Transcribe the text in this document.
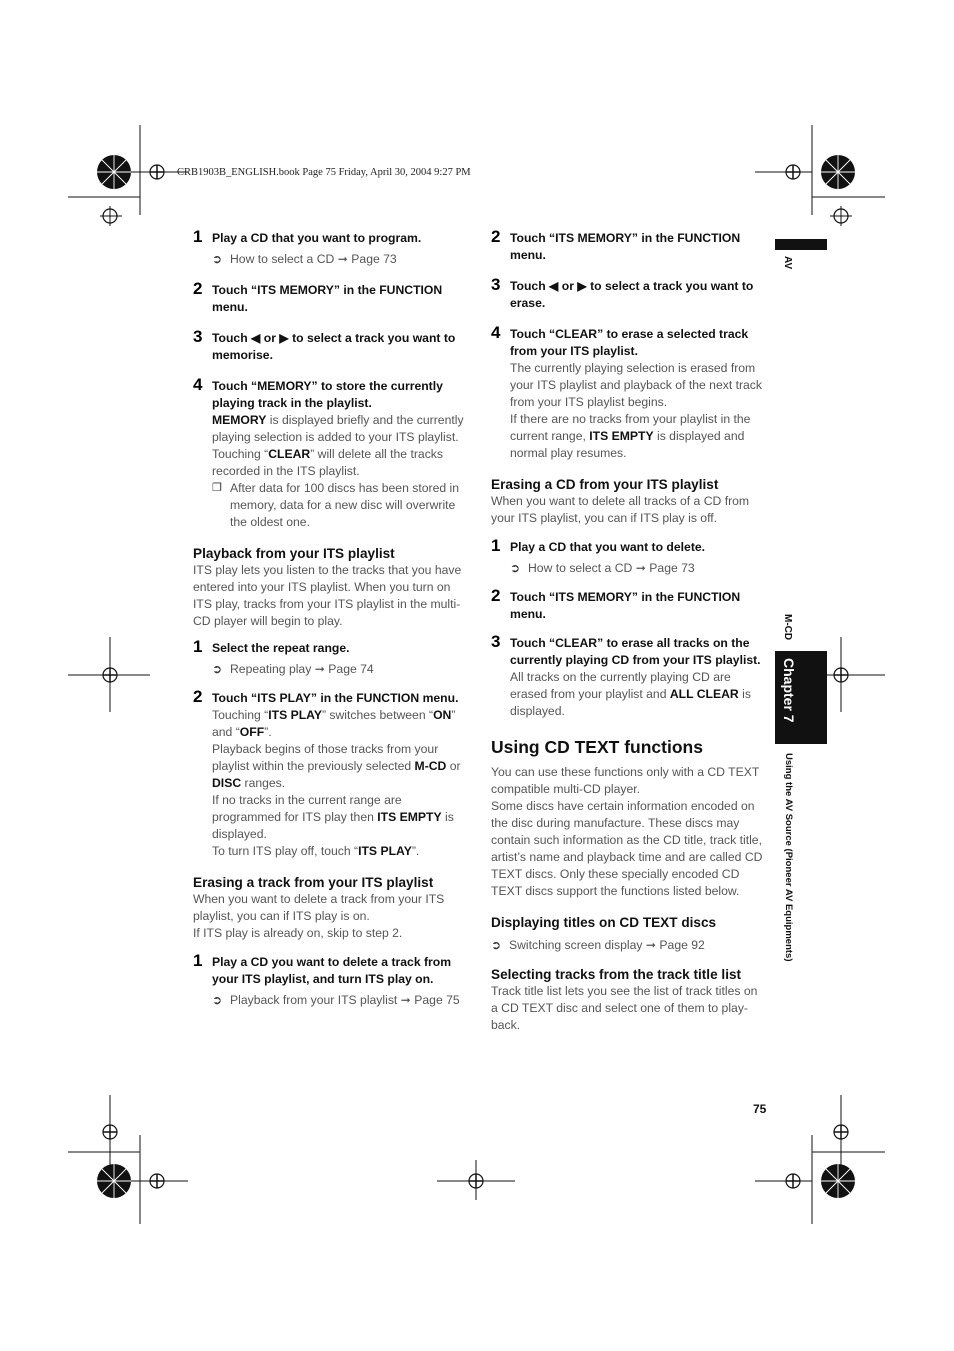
CRB1903B_ENGLISH.book Page 75 Friday, April 30, 2004 9:27 PM
AV
M-CD
Chapter 7
Using the AV Source (Pioneer AV Equipments)
1 Play a CD that you want to program.
➲ How to select a CD ➞ Page 73
2 Touch “ITS MEMORY” in the FUNCTION menu.
3 Touch ◀ or ▶ to select a track you want to memorise.
4 Touch “MEMORY” to store the currently playing track in the playlist.
MEMORY is displayed briefly and the currently playing selection is added to your ITS playlist.
Touching “CLEAR” will delete all the tracks recorded in the ITS playlist.
❐ After data for 100 discs has been stored in memory, data for a new disc will overwrite the oldest one.
Playback from your ITS playlist
ITS play lets you listen to the tracks that you have entered into your ITS playlist. When you turn on ITS play, tracks from your ITS playlist in the multi-CD player will begin to play.
1 Select the repeat range.
➲ Repeating play ➞ Page 74
2 Touch “ITS PLAY” in the FUNCTION menu.
Touching “ITS PLAY” switches between “ON” and “OFF”.
Playback begins of those tracks from your playlist within the previously selected M-CD or DISC ranges.
If no tracks in the current range are programmed for ITS play then ITS EMPTY is displayed.
To turn ITS play off, touch “ITS PLAY”.
Erasing a track from your ITS playlist
When you want to delete a track from your ITS playlist, you can if ITS play is on.
If ITS play is already on, skip to step 2.
1 Play a CD you want to delete a track from your ITS playlist, and turn ITS play on.
➲ Playback from your ITS playlist ➞ Page 75
2 Touch “ITS MEMORY” in the FUNCTION menu.
3 Touch ◀ or ▶ to select a track you want to erase.
4 Touch “CLEAR” to erase a selected track from your ITS playlist.
The currently playing selection is erased from your ITS playlist and playback of the next track from your ITS playlist begins.
If there are no tracks from your playlist in the current range, ITS EMPTY is displayed and normal play resumes.
Erasing a CD from your ITS playlist
When you want to delete all tracks of a CD from your ITS playlist, you can if ITS play is off.
1 Play a CD that you want to delete.
➲ How to select a CD ➞ Page 73
2 Touch “ITS MEMORY” in the FUNCTION menu.
3 Touch “CLEAR” to erase all tracks on the currently playing CD from your ITS playlist.
All tracks on the currently playing CD are erased from your playlist and ALL CLEAR is displayed.
Using CD TEXT functions
You can use these functions only with a CD TEXT compatible multi-CD player.
Some discs have certain information encoded on the disc during manufacture. These discs may contain such information as the CD title, track title, artist’s name and playback time and are called CD TEXT discs. Only these specially encoded CD TEXT discs support the functions listed below.
Displaying titles on CD TEXT discs
➲ Switching screen display ➞ Page 92
Selecting tracks from the track title list
Track title list lets you see the list of track titles on a CD TEXT disc and select one of them to play-back.
75
